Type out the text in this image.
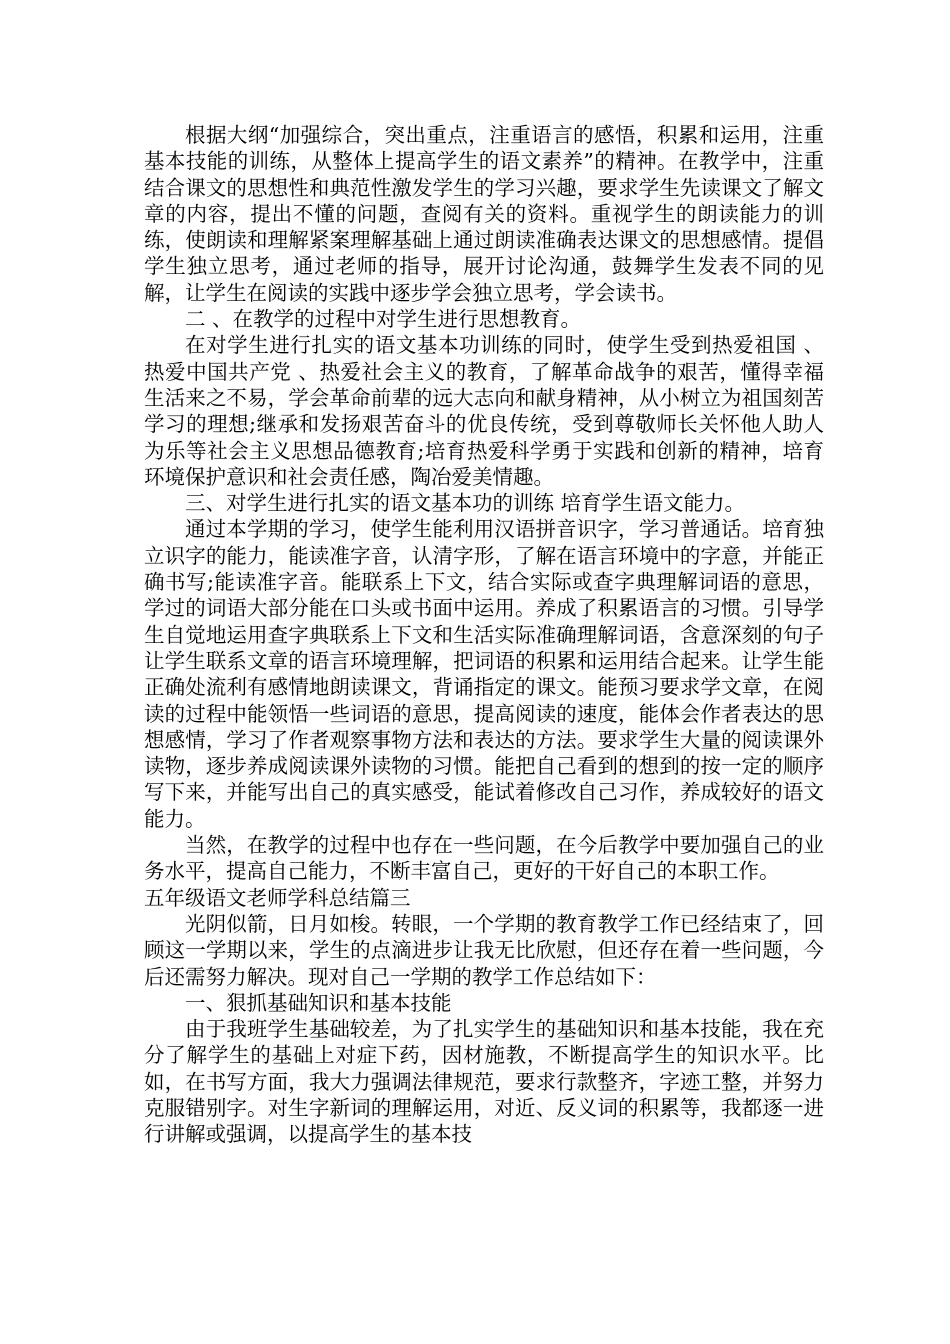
根据大纲“加强综合，突出重点，注重语言的感悟，积累和运用，注重基本技能的训练，从整体上提高学生的语文素养”的精神。在教学中，注重结合课文的思想性和典范性激发学生的学习兴趣，要求学生先读课文了解文章的内容，提出不懂的问题，查阅有关的资料。重视学生的朗读能力的训练，使朗读和理解紧案理解基础上通过朗读准确表达课文的思想感情。提倡学生独立思考，通过老师的指导，展开讨论沟通，鼓舞学生发表不同的见解，让学生在阅读的实践中逐步学会独立思考，学会读书。

二 、在教学的过程中对学生进行思想教育。

在对学生进行扎实的语文基本功训练的同时，使学生受到热爱祖国 、热爱中国共产党 、热爱社会主义的教育，了解革命战争的艰苦，懂得幸福生活来之不易，学会革命前辈的远大志向和献身精神，从小树立为祖国刻苦学习的理想;继承和发扬艰苦奋斗的优良传统，受到尊敬师长关怀他人助人为乐等社会主义思想品德教育;培育热爱科学勇于实践和创新的精神，培育环境保护意识和社会责任感，陶冶爱美情趣。

三、对学生进行扎实的语文基本功的训练 培育学生语文能力。

通过本学期的学习，使学生能利用汉语拼音识字，学习普通话。培育独立识字的能力，能读准字音，认清字形，了解在语言环境中的字意，并能正确书写;能读准字音。能联系上下文，结合实际或查字典理解词语的意思，学过的词语大部分能在口头或书面中运用。养成了积累语言的习惯。引导学生自觉地运用查字典联系上下文和生活实际准确理解词语，含意深刻的句子让学生联系文章的语言环境理解，把词语的积累和运用结合起来。让学生能正确处流利有感情地朗读课文，背诵指定的课文。能预习要求学文章，在阅读的过程中能领悟一些词语的意思，提高阅读的速度，能体会作者表达的思想感情，学习了作者观察事物方法和表达的方法。要求学生大量的阅读课外读物，逐步养成阅读课外读物的习惯。能把自己看到的想到的按一定的顺序写下来，并能写出自己的真实感受，能试着修改自己习作，养成较好的语文能力。

当然，在教学的过程中也存在一些问题，在今后教学中要加强自己的业务水平，提高自己能力，不断丰富自己，更好的干好自己的本职工作。

五年级语文老师学科总结篇三

光阴似箭，日月如梭。转眼，一个学期的教育教学工作已经结束了，回顾这一学期以来，学生的点滴进步让我无比欣慰，但还存在着一些问题，今后还需努力解决。现对自己一学期的教学工作总结如下：

一、狠抓基础知识和基本技能

由于我班学生基础较差，为了扎实学生的基础知识和基本技能，我在充分了解学生的基础上对症下药，因材施教，不断提高学生的知识水平。比如，在书写方面，我大力强调法律规范，要求行款整齐，字迹工整，并努力克服错别字。对生字新词的理解运用，对近、反义词的积累等，我都逐一进行讲解或强调，以提高学生的基本技
